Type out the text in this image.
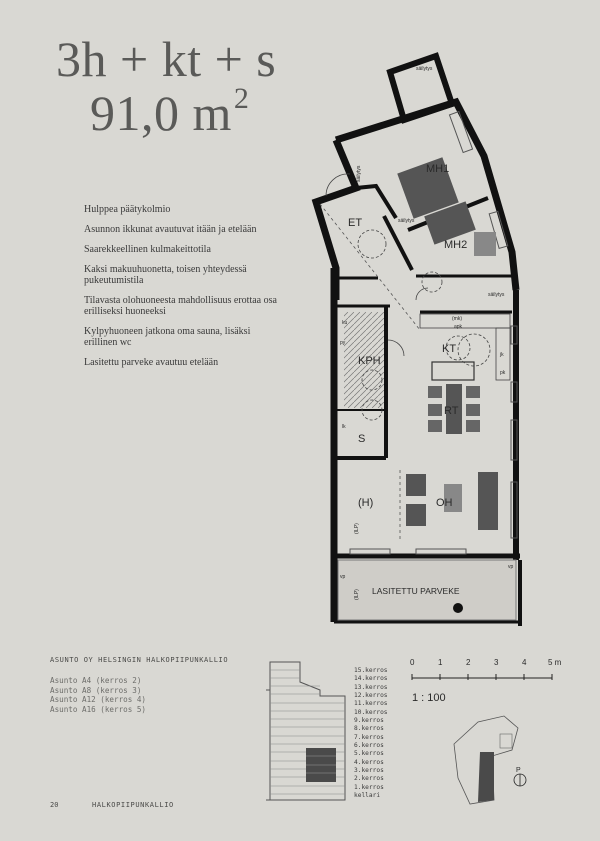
3h + kt + s
91,0 $m^2$
Hulppea päätykolmio
Asunnon ikkunat avautuvat itään ja etelään
Saarekkeellinen kulmakeittotila
Kaksi makuuhuonetta, toisen yhteydessä pukeutumistila
Tilavasta olohuoneesta mahdollisuus erottaa osa erilliseksi huoneeksi
Kylpyhuoneen jatkona oma sauna, lisäksi erillinen wc
Lasitettu parveke avautuu etelään
MH1
MH2
ET
KT
KPH
S
RT
OH
(H)
LASITETTU PARVEKE
säilytys
säilytys
säilytys
säilytys
(ILP)
(ILP)
(mk)
apk
jk
pk
ku
py
lk
vp
vp
P
0	1	2	3	4	5 m
1 : 100
ASUNTO OY HELSINGIN HALKOPIIPUNKALLIO
Asunto A4 (kerros 2)
Asunto A8 (kerros 3)
Asunto A12 (kerros 4)
Asunto A16 (kerros 5)
15.kerros
14.kerros
13.kerros
12.kerros
11.kerros
10.kerros
9.kerros
8.kerros
7.kerros
6.kerros
5.kerros
4.kerros
3.kerros
2.kerros
1.kerros
kellari
20	HALKOPIIPUNKALLIO
